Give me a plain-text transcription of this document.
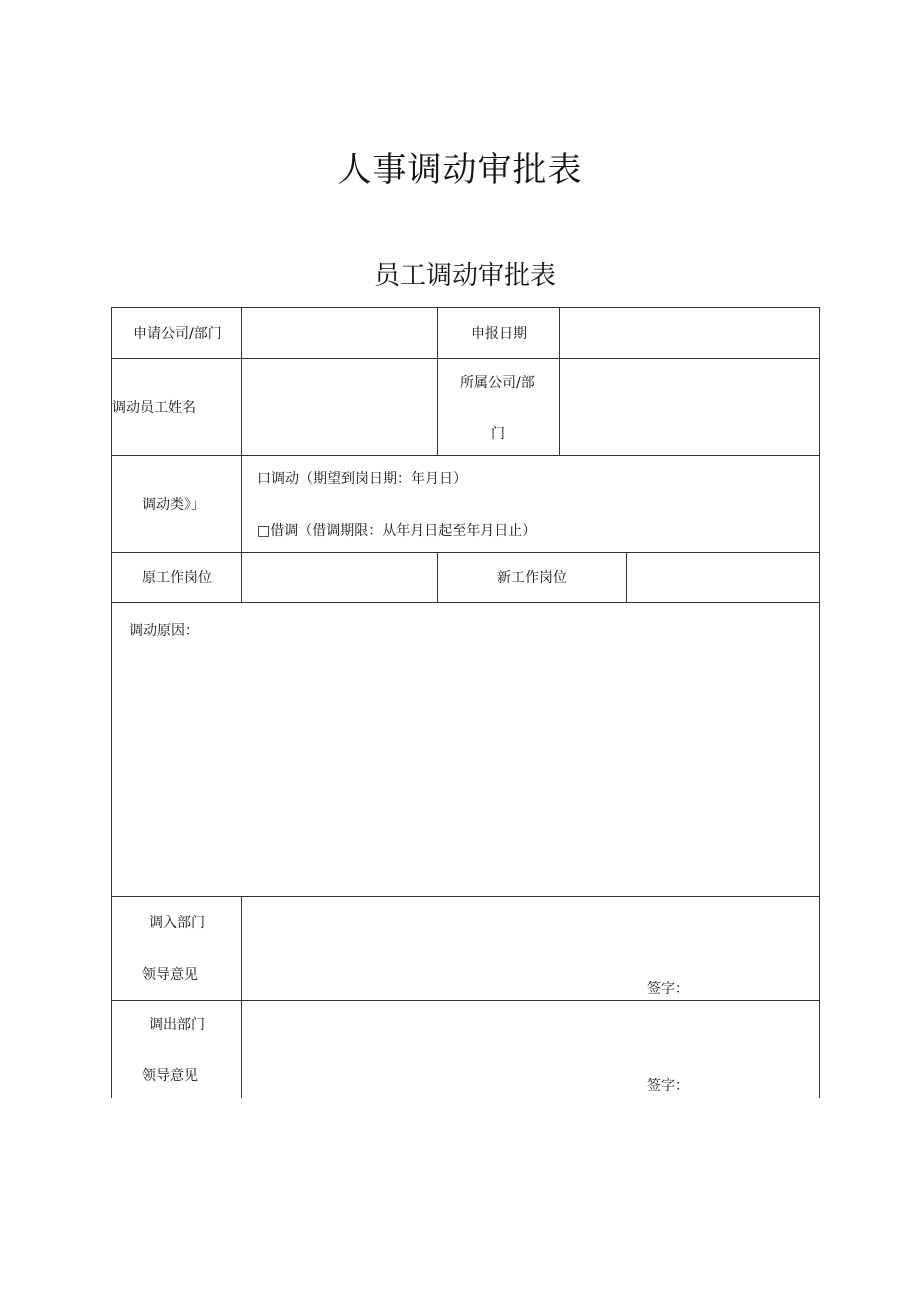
人事调动审批表
员工调动审批表
申请公司/部门	申报日期
调动员工姓名
所属公司/部
门
调动类》」
口调动（期望到岗日期：年月日）
□借调（借调期限：从年月日起至年月日止）
原工作岗位	新工作岗位
调动原因：
调入部门
领导意见
签字：
调出部门
领导意见
签字：
